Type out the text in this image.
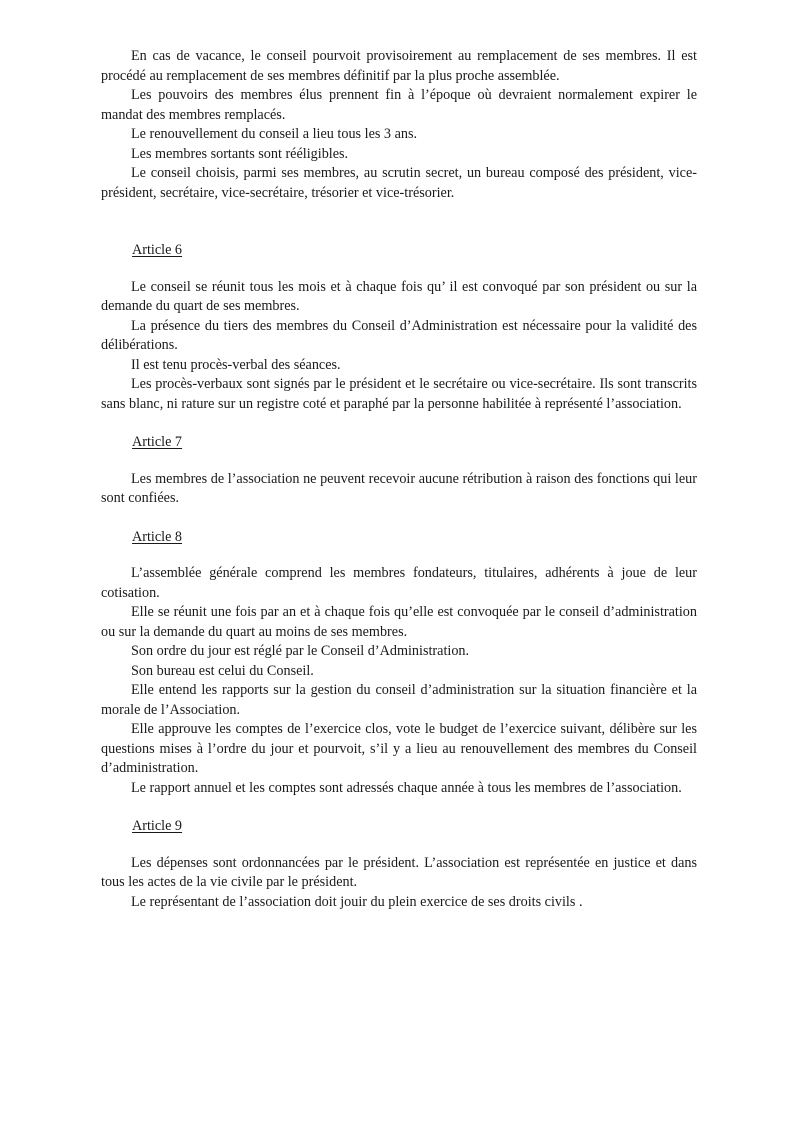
En cas de vacance, le conseil pourvoit provisoirement au remplacement de ses membres. Il est procédé au remplacement de ses membres définitif par la plus proche assemblée.

Les pouvoirs des membres élus prennent fin à l’époque où devraient normalement expirer le mandat des membres remplacés.

Le renouvellement du conseil a lieu tous les 3 ans.

Les membres sortants sont rééligibles.

Le conseil choisis, parmi ses membres, au scrutin secret, un bureau composé des président, vice-président, secrétaire, vice-secrétaire, trésorier et vice-trésorier.

Article 6

Le conseil se réunit tous les mois et à chaque fois qu’ il est convoqué par son président ou sur la demande du quart de ses membres.

La présence du tiers des membres du Conseil d’Administration est nécessaire pour la validité des délibérations.

Il est tenu procès-verbal des séances.

Les procès-verbaux sont signés par le président et le secrétaire ou vice-secrétaire. Ils sont transcrits sans blanc, ni rature sur un registre coté et paraphé par la personne habilitée à représenté l’association.

Article 7

Les membres de l’association ne peuvent recevoir aucune rétribution à raison des fonctions qui leur sont confiées.

Article 8

L’assemblée générale comprend les membres fondateurs, titulaires, adhérents à joue de leur cotisation.

Elle se réunit une fois par an et à chaque fois qu’elle est convoquée par le conseil d’administration ou sur la demande du quart au moins de ses membres.

Son ordre du jour est réglé par le Conseil d’Administration.

Son bureau est celui du Conseil.

Elle entend les rapports sur la gestion du conseil d’administration sur la situation financière et la morale de l’Association.

Elle approuve les comptes de l’exercice clos, vote le budget de l’exercice suivant, délibère sur les questions mises à l’ordre du jour et pourvoit, s’il y a lieu au renouvellement des membres du Conseil d’administration.

Le rapport annuel et les comptes sont adressés chaque année à tous les membres de l’association.

Article 9

Les dépenses sont ordonnancées par le président. L’association est représentée en justice et dans tous les actes de la vie civile par le président.

Le représentant de l’association doit jouir du plein exercice de ses droits civils .
